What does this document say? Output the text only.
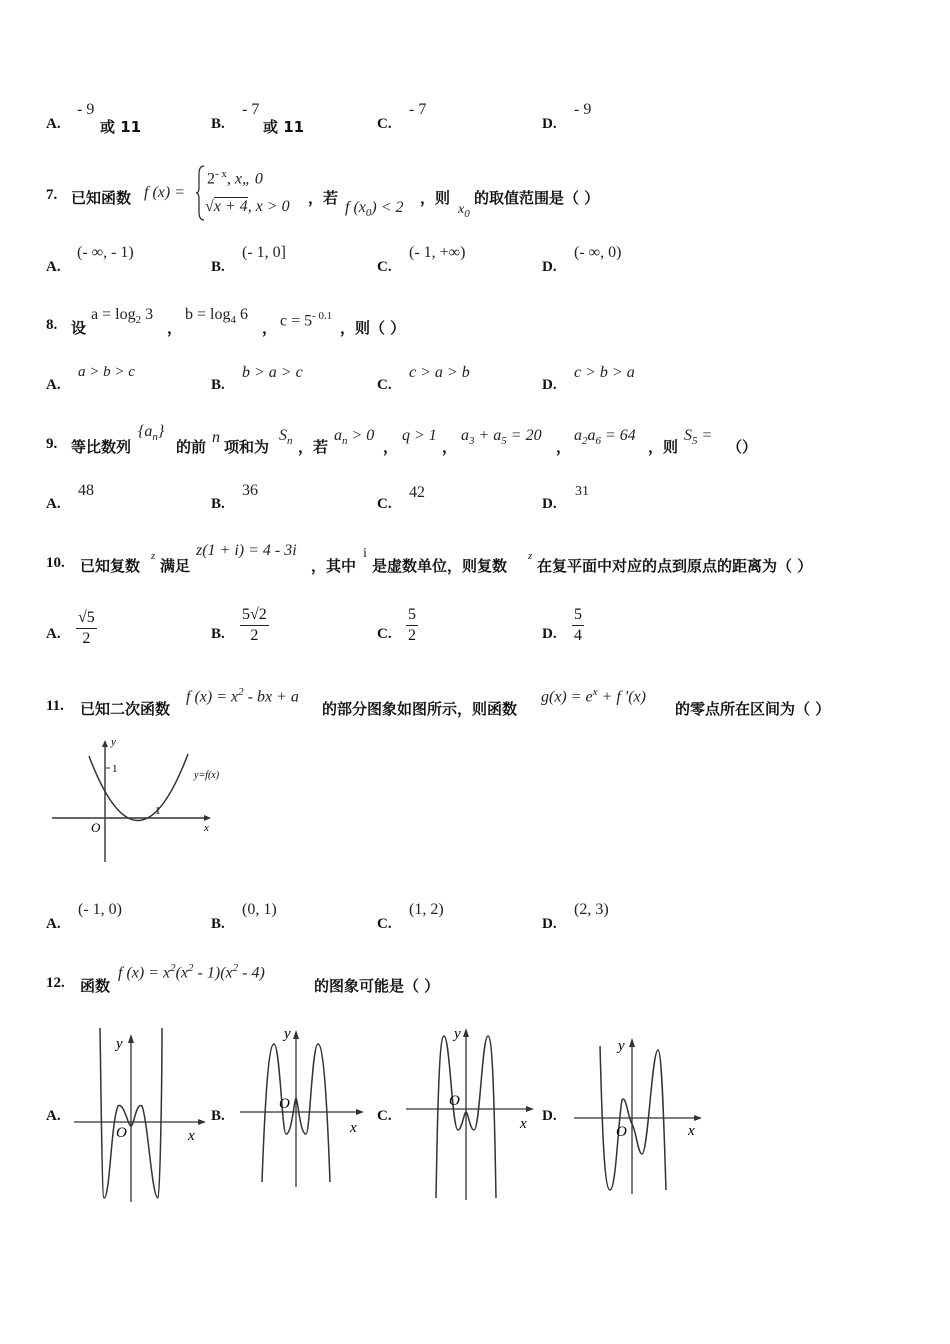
A.
- 9
或 11	B.
- 7
或 11	C.
- 7
D.
- 9
7. 已知函数 f (x) =
$2^{- x}$, x„ 0
√x + 4, x > 0 ，若
f $(x_0) < 2$
，则
$x_0$
的取值范围是（ ）
A.
(- ∞, - 1)
B.
(- 1, 0]
C.
(- 1, +∞)
D.
(- ∞, 0)
8. 设
$a = \log_2 3$
，
$b = \log_4 6$
， $c = 5^{- 0.1}$
，则（ ）
A.
a > b > c
B.
b > a > c
C.
c > a > b
D.
c > b > a
9. 等比数列
$\{a_n\}$
的前
n
项和为
$S_n$ ，若
$a_n > 0$
，
q > 1
，
$a_3 + a_5 = 20$
，
$a_2a_6 = 64$
，则
$S_5$ =
（）
A.
48
B.
36
C.
42
D.
31
10. 已知复数
z
满足
z(1 + i) = 4 - 3i
，其中
i
是虚数单位，则复数
z
在复平面中对应的点到原点的距离为（ ）
A. $\frac{√5}{2}$	B. $\frac{5√2}{2}$	C. $\frac{5}{2}$	D. $\frac{5}{4}$
11. 已知二次函数
f $(x) = x^2$ - bx + a
的部分图象如图所示，则函数
$g(x) = e^x + f$ '(x)
的零点所在区间为（ ）
y
x
O
1
1
y=f(x)
A.
(- 1, 0)
B.
(0, 1)
C.
(1, 2)
D.
(2, 3)
12. 函数
f $(x) = x^2(x^2 - 1)(x^2 - 4)$
的图象可能是（ ）
A.
y
x
O
B.
y
x
O
C.
y
x
O
D.
y
x
O
